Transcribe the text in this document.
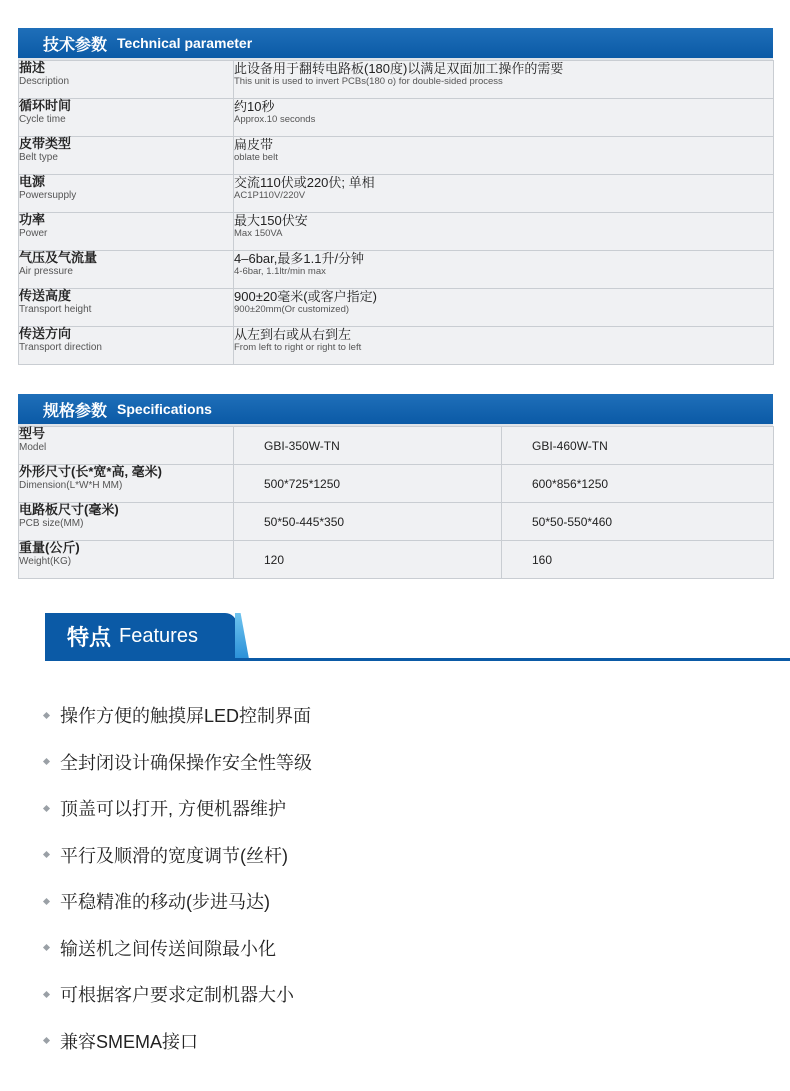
技术参数 Technical parameter
描述
Description	此设备用于翻转电路板(180度)以满足双面加工操作的需要
This unit is used to invert PCBs(180 o) for double-sided process

循环时间
Cycle time	约10秒
Approx.10 seconds

皮带类型
Belt type	扁皮带
oblate belt

电源
Powersupply	交流110伏或220伏; 单相
AC1P110V/220V

功率
Power	最大150伏安
Max 150VA

气压及气流量
Air pressure	4–6bar,最多1.1升/分钟
4-6bar, 1.1ltr/min max

传送高度
Transport height	900±20毫米(或客户指定)
900±20mm(Or customized)

传送方向
Transport direction	从左到右或从右到左
From left to right or right to left
规格参数 Specifications
型号
Model	GBI-350W-TN	GBI-460W-TN

外形尺寸(长*宽*高, 毫米)
Dimension(L*W*H MM)	500*725*1250	600*856*1250

电路板尺寸(毫米)
PCB size(MM)	50*50-445*350	50*50-550*460

重量(公斤)
Weight(KG)	120	160
特点 Features
操作方便的触摸屏LED控制界面
全封闭设计确保操作安全性等级
顶盖可以打开, 方便机器维护
平行及顺滑的宽度调节(丝杆)
平稳精准的移动(步进马达)
输送机之间传送间隙最小化
可根据客户要求定制机器大小
兼容SMEMA接口
